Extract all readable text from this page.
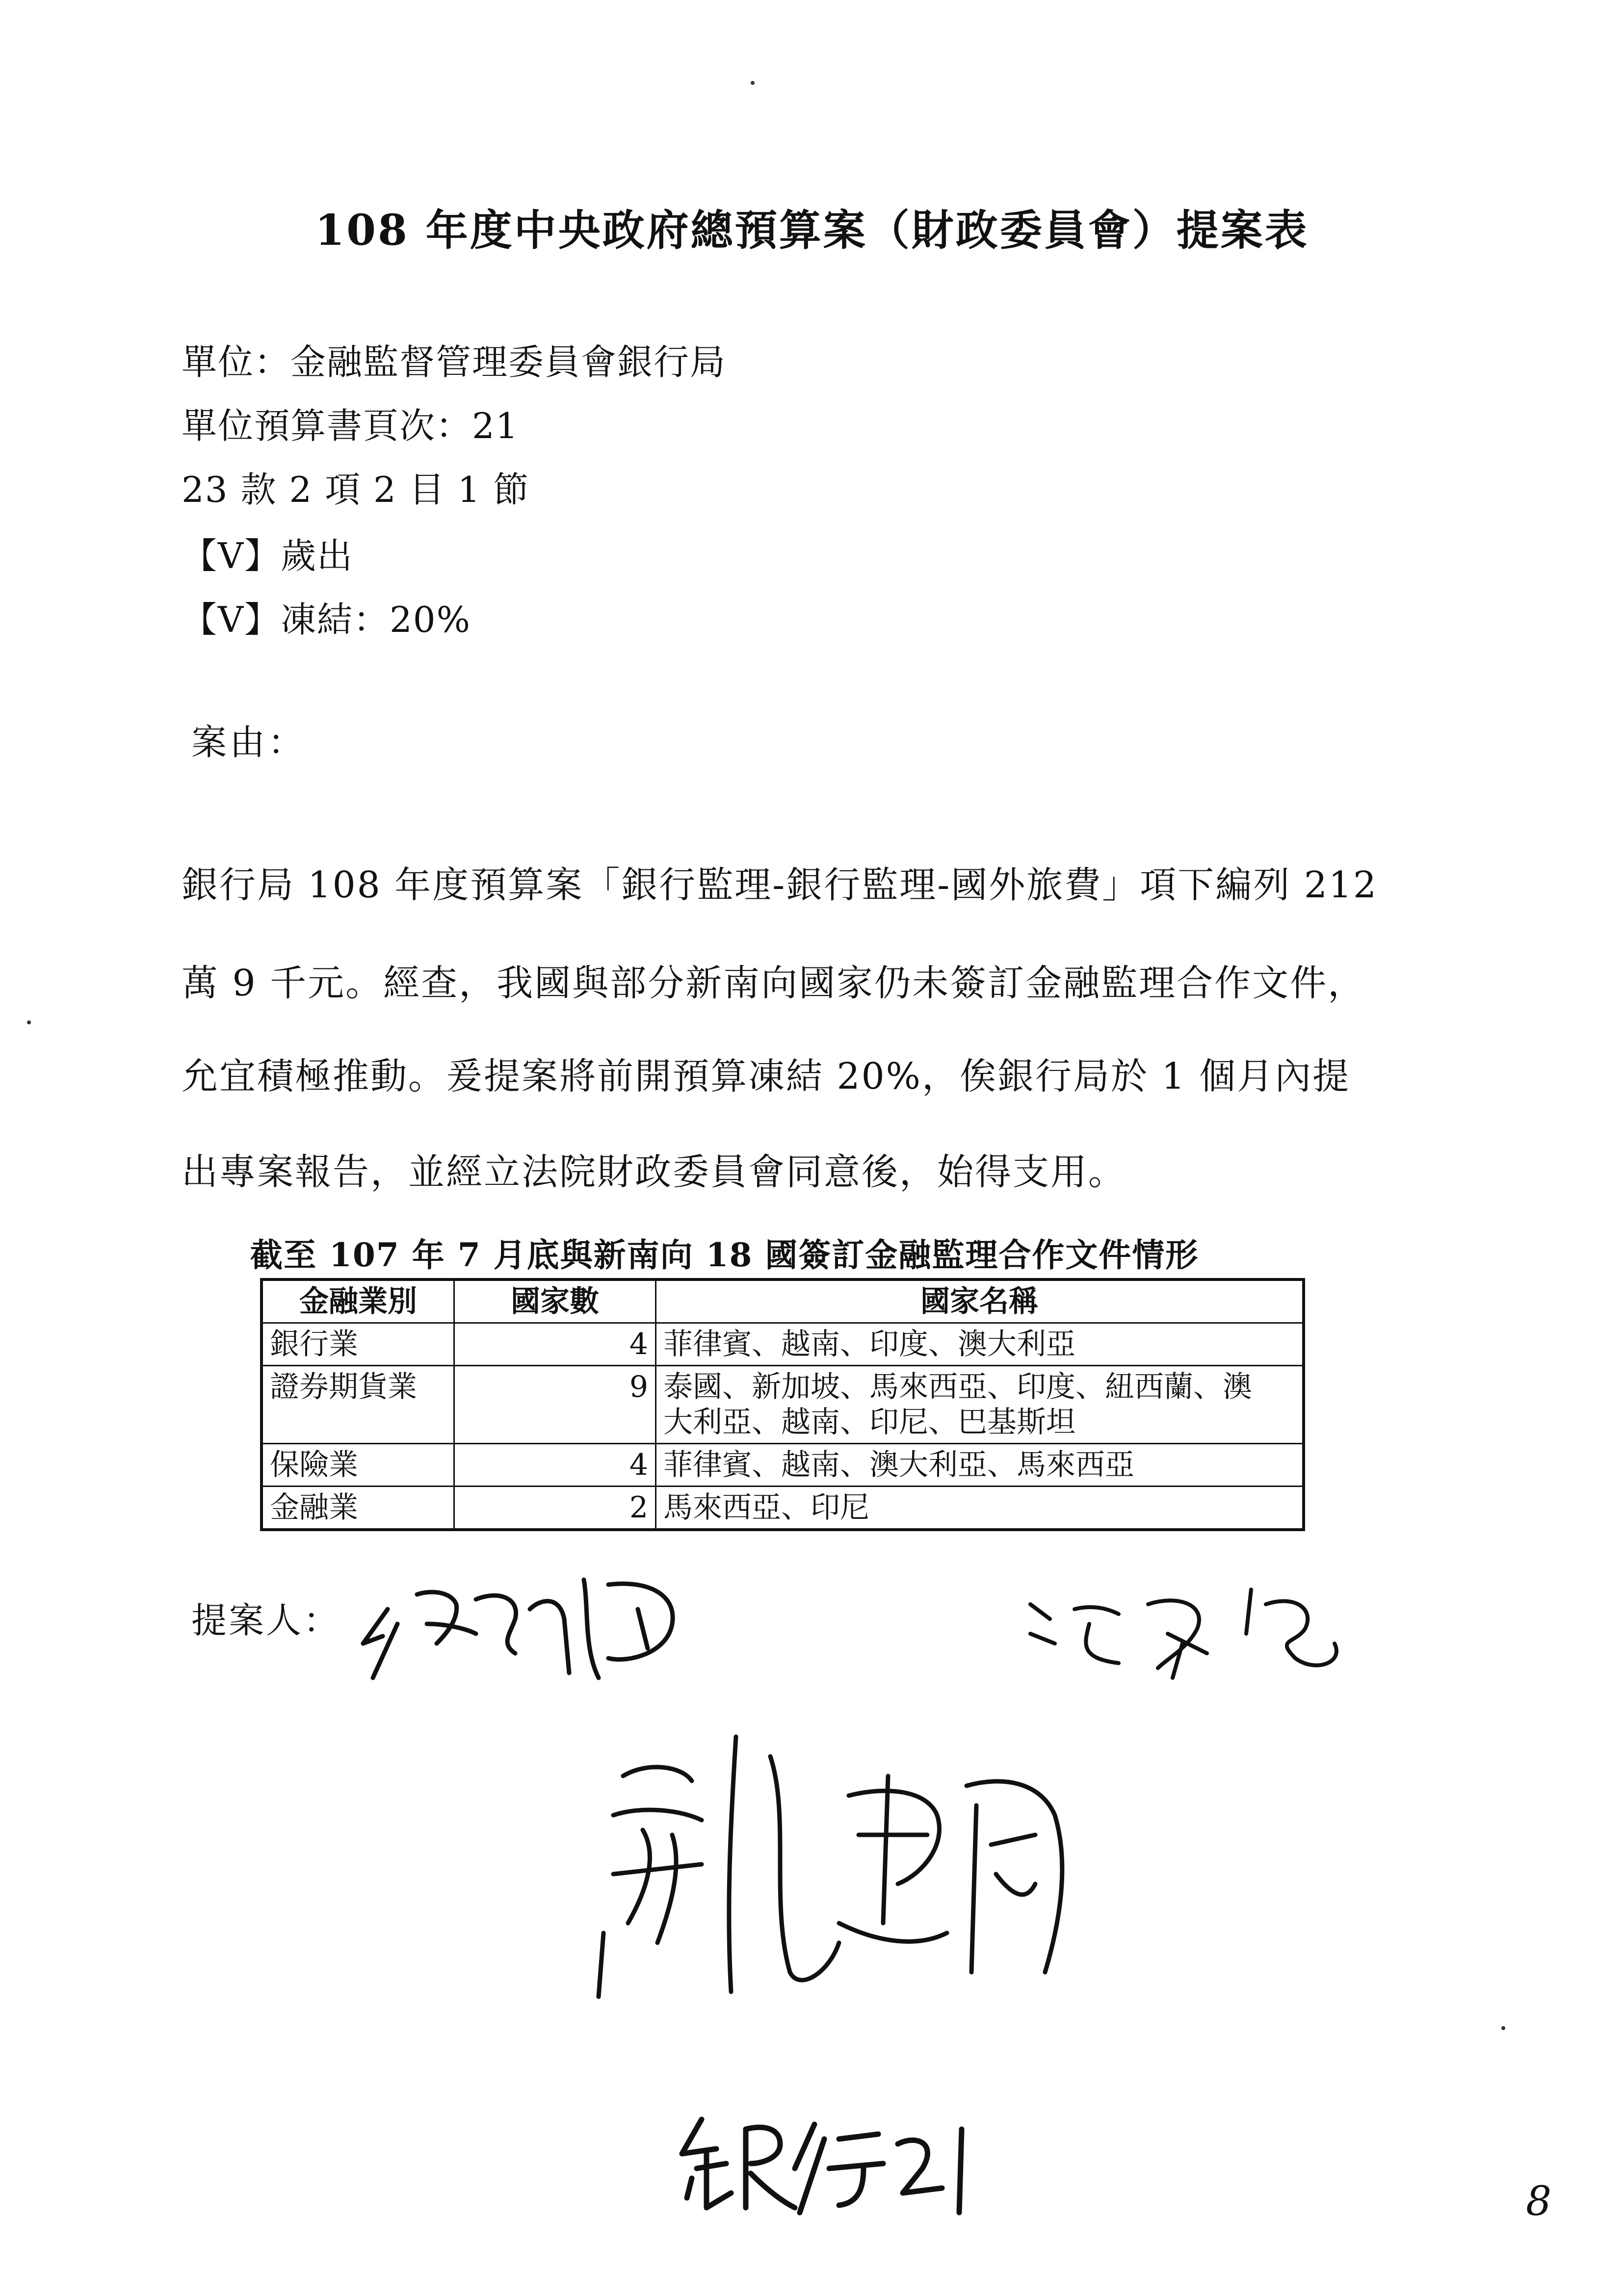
108 年度中央政府總預算案（財政委員會）提案表
單位：金融監督管理委員會銀行局
單位預算書頁次：21
23 款 2 項 2 目 1 節
【V】歲出
【V】凍結：20%
案由：
銀行局 108 年度預算案「銀行監理-銀行監理-國外旅費」項下編列 212
萬 9 千元。經查，我國與部分新南向國家仍未簽訂金融監理合作文件，
允宜積極推動。爰提案將前開預算凍結 20%，俟銀行局於 1 個月內提
出專案報告，並經立法院財政委員會同意後，始得支用。
截至 107 年 7 月底與新南向 18 國簽訂金融監理合作文件情形
金融業別	國家數	國家名稱
銀行業	4	菲律賓、越南、印度、澳大利亞
證券期貨業	9	泰國、新加坡、馬來西亞、印度、紐西蘭、澳
大利亞、越南、印尼、巴基斯坦

保險業	4	菲律賓、越南、澳大利亞、馬來西亞
金融業	2	馬來西亞、印尼
提案人：
8
